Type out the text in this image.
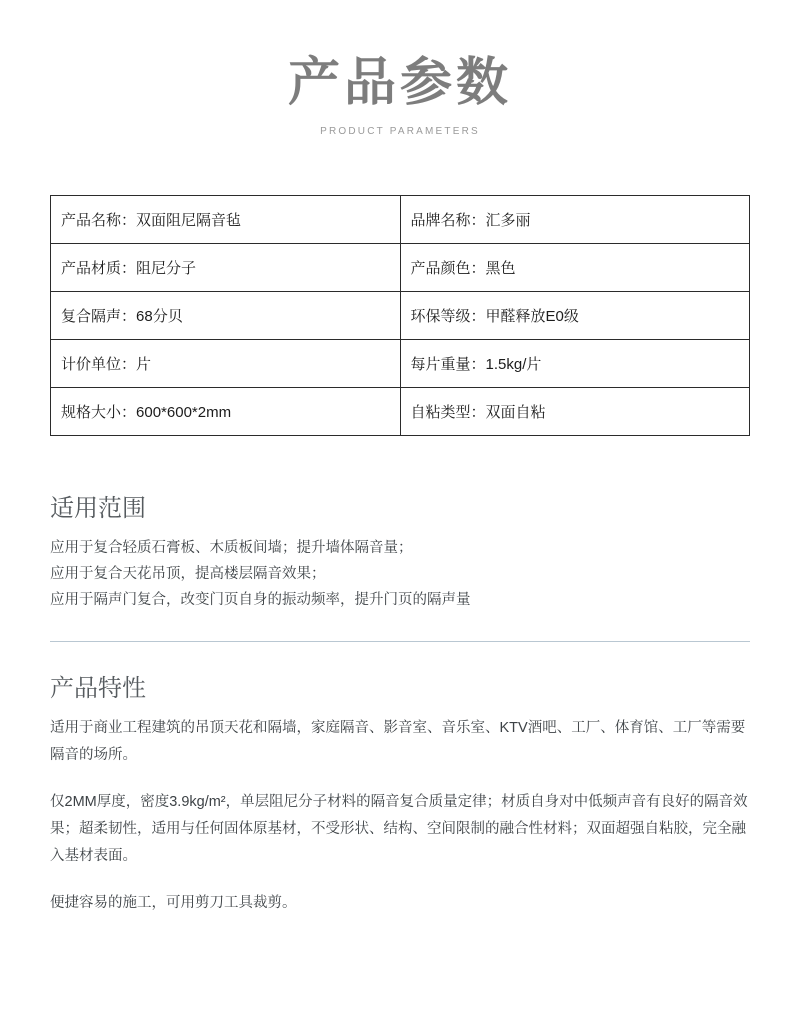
产品参数
PRODUCT PARAMETERS
产品名称：双面阻尼隔音毡	品牌名称：汇多丽
产品材质：阻尼分子	产品颜色：黑色
复合隔声：68分贝	环保等级：甲醛释放E0级
计价单位：片	每片重量：1.5kg/片
规格大小：600*600*2mm	自粘类型：双面自粘
适用范围
应用于复合轻质石膏板、木质板间墙；提升墙体隔音量；
应用于复合天花吊顶，提高楼层隔音效果；
应用于隔声门复合，改变门页自身的振动频率，提升门页的隔声量
产品特性

适用于商业工程建筑的吊顶天花和隔墙，家庭隔音、影音室、音乐室、KTV酒吧、工厂、体育馆、工厂等需要隔音的场所。

仅2MM厚度，密度3.9kg/m²，单层阻尼分子材料的隔音复合质量定律；材质自身对中低频声音有良好的隔音效果；超柔韧性，适用与任何固体原基材，不受形状、结构、空间限制的融合性材料；双面超强自粘胶，完全融入基材表面。

便捷容易的施工，可用剪刀工具裁剪。
